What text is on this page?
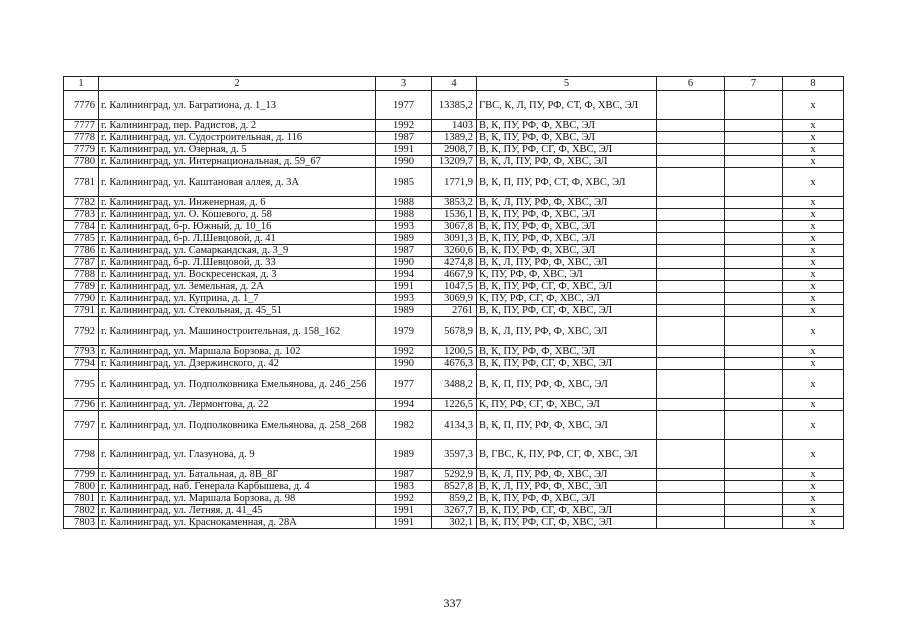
1	2	3	4	5	6	7	8
7776	г. Калининград, ул. Багратиона, д. 1_13	1977	13385,2	ГВС, К, Л, ПУ, РФ, СТ, Ф, ХВС, ЭЛ			x
7777	г. Калининград, пер. Радистов, д. 2	1992	1403	В, К, ПУ, РФ, Ф, ХВС, ЭЛ			x
7778	г. Калининград, ул. Судостроительная, д. 116	1987	1389,2	В, К, ПУ, РФ, Ф, ХВС, ЭЛ			x
7779	г. Калининград, ул. Озерная, д. 5	1991	2908,7	В, К, ПУ, РФ, СГ, Ф, ХВС, ЭЛ			x
7780	г. Калининград, ул. Интернациональная, д. 59_67	1990	13209,7	В, К, Л, ПУ, РФ, Ф, ХВС, ЭЛ			x
7781	г. Калининград, ул. Каштановая аллея, д. 3А	1985	1771,9	В, К, П, ПУ, РФ, СТ, Ф, ХВС, ЭЛ			x
7782	г. Калининград, ул. Инженерная, д. 6	1988	3853,2	В, К, Л, ПУ, РФ, Ф, ХВС, ЭЛ			x
7783	г. Калининград, ул. О. Кошевого, д. 58	1988	1536,1	В, К, ПУ, РФ, Ф, ХВС, ЭЛ			x
7784	г. Калининград, б-р. Южный, д. 10_16	1993	3067,8	В, К, ПУ, РФ, Ф, ХВС, ЭЛ			x
7785	г. Калининград, б-р. Л.Шевцовой, д. 41	1989	3091,3	В, К, ПУ, РФ, Ф, ХВС, ЭЛ			x
7786	г. Калининград, ул. Самаркандская, д. 3_9	1987	3260,6	В, К, ПУ, РФ, Ф, ХВС, ЭЛ			x
7787	г. Калининград, б-р. Л.Шевцовой, д. 33	1990	4274,8	В, К, Л, ПУ, РФ, Ф, ХВС, ЭЛ			x
7788	г. Калининград, ул. Воскресенская, д. 3	1994	4667,9	К, ПУ, РФ, Ф, ХВС, ЭЛ			x
7789	г. Калининград, ул. Земельная, д. 2А	1991	1047,5	В, К, ПУ, РФ, СГ, Ф, ХВС, ЭЛ			x
7790	г. Калининград, ул. Куприна, д. 1_7	1993	3069,9	К, ПУ, РФ, СГ, Ф, ХВС, ЭЛ			x
7791	г. Калининград, ул. Стекольная, д. 45_51	1989	2761	В, К, ПУ, РФ, СГ, Ф, ХВС, ЭЛ			x
7792	г. Калининград, ул. Машиностроительная, д. 158_162	1979	5678,9	В, К, Л, ПУ, РФ, Ф, ХВС, ЭЛ			x
7793	г. Калининград, ул. Маршала Борзова, д. 102	1992	1200,5	В, К, ПУ, РФ, Ф, ХВС, ЭЛ			x
7794	г. Калининград, ул. Дзержинского, д. 42	1990	4676,3	В, К, ПУ, РФ, СГ, Ф, ХВС, ЭЛ			x
7795	г. Калининград, ул. Подполковника Емельянова, д. 246_256	1977	3488,2	В, К, П, ПУ, РФ, Ф, ХВС, ЭЛ			x
7796	г. Калининград, ул. Лермонтова, д. 22	1994	1226,5	К, ПУ, РФ, СГ, Ф, ХВС, ЭЛ			x
7797	г. Калининград, ул. Подполковника Емельянова, д. 258_268	1982	4134,3	В, К, П, ПУ, РФ, Ф, ХВС, ЭЛ			x
7798	г. Калининград, ул. Глазунова, д. 9	1989	3597,3	В, ГВС, К, ПУ, РФ, СГ, Ф, ХВС, ЭЛ			x
7799	г. Калининград, ул. Батальная, д. 8В_8Г	1987	5292,9	В, К, Л, ПУ, РФ, Ф, ХВС, ЭЛ			x
7800	г. Калининград, наб. Генерала Карбышева, д. 4	1983	8527,8	В, К, Л, ПУ, РФ, Ф, ХВС, ЭЛ			x
7801	г. Калининград, ул. Маршала Борзова, д. 98	1992	859,2	В, К, ПУ, РФ, Ф, ХВС, ЭЛ			x
7802	г. Калининград, ул. Летняя, д. 41_45	1991	3267,7	В, К, ПУ, РФ, СГ, Ф, ХВС, ЭЛ			x
7803	г. Калининград, ул. Краснокаменная, д. 28А	1991	302,1	В, К, ПУ, РФ, СГ, Ф, ХВС, ЭЛ			x
337
